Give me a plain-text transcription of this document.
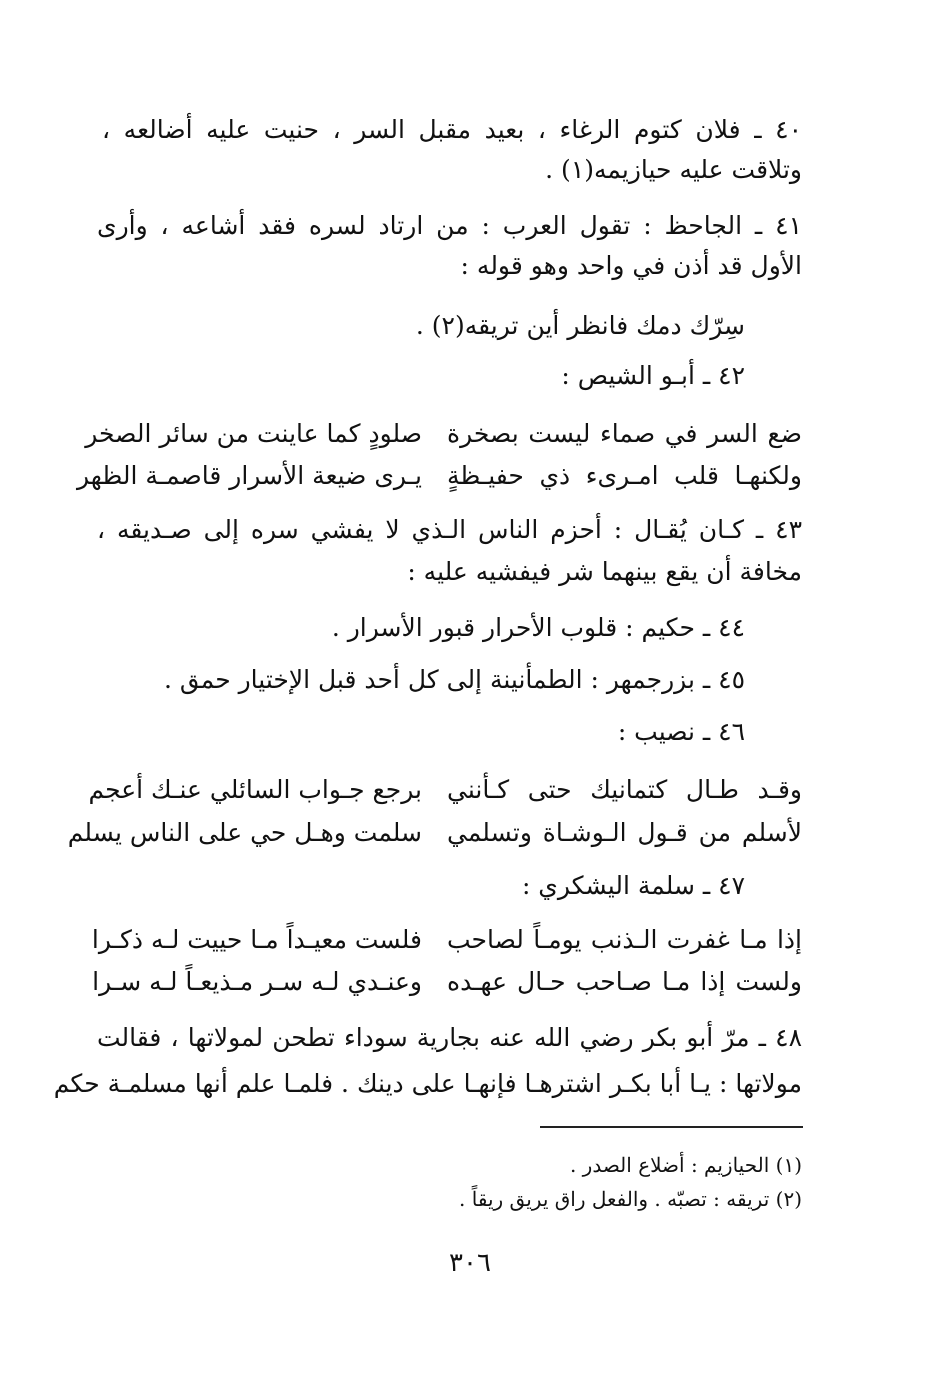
٤٠ ـ فلان كتوم الرغاء ، بعيد مقبل السر ، حنيت عليه أضالعه ،
وتلاقت عليه حيازيمه(١) .
٤١ ـ الجاحظ : تقول العرب : من ارتاد لسره فقد أشاعه ، وأرى
الأول قد أذن في واحد وهو قوله :
سِرّك دمك فانظر أين تريقه(٢) .
٤٢ ـ أبـو الشيص :
ضع السر في صماء ليست بصخرة
صلودٍ كما عاينت من سائر الصخر
ولكنهـا قلب امـرىء ذي حفيـظةٍ
يـرى ضيعة الأسرار قاصمـة الظهر
٤٣ ـ كـان يُقـال : أحزم الناس الـذي لا يفشي سره إلى صـديقه ،
مخافة أن يقع بينهما شر فيفشيه عليه :
٤٤ ـ حكيم : قلوب الأحرار قبور الأسرار .
٤٥ ـ بزرجمهر : الطمأنينة إلى كل أحد قبل الإختيار حمق .
٤٦ ـ نصيب :
وقـد طـال كتمانيك حتى كـأنني
برجع جـواب السائلي عنـك أعجم
لأسلم من قـول الـوشـاة وتسلمي
سلمت وهـل حي على الناس يسلم
٤٧ ـ سلمة اليشكري :
إذا مـا غفرت الـذنب يومـاً لصاحب
فلست معيـداً مـا حييت لـه ذكـرا
ولست إذا مـا صـاحب حـال عهـده
وعنـدي لـه سـر مـذيعـاً لـه سـرا
٤٨ ـ مرّ أبو بكر رضي الله عنه بجارية سوداء تطحن لمولاتها ، فقالت
مولاتها : يـا أبا بكـر اشترهـا فإنهـا على دينك . فلمـا علم أنها مسلمـة حكم
(١) الحيازيم : أضلاع الصدر .
(٢) تريقه : تصبّه . والفعل راق يريق ريقاً .
٣٠٦
